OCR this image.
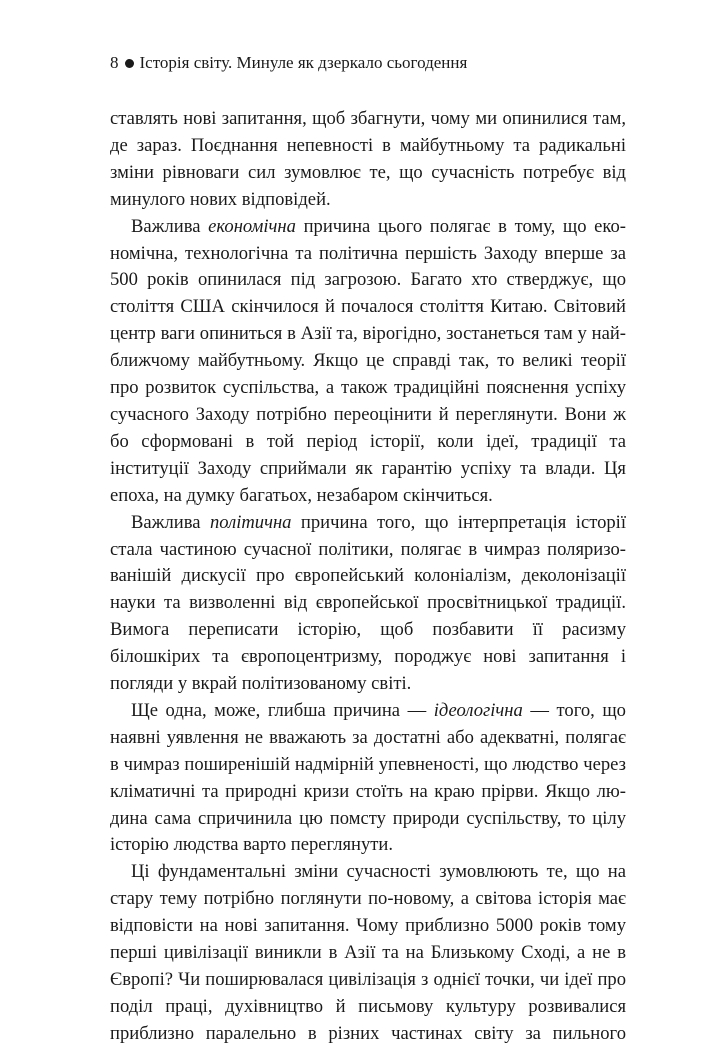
8 Історія світу. Минуле як дзеркало сьогодення

ставлять нові запитання, щоб збагнути, чому ми опинилися там, де зараз. Поєднання непевності в майбутньому та радикальні зміни рівноваги сил зумовлює те, що сучасність потребує від минулого нових відповідей.

Важлива економічна причина цього полягає в тому, що економічна, технологічна та політична першість Заходу вперше за 500 років опинилася під загрозою. Багато хто стверджує, що століття США скінчилося й почалося століття Китаю. Світовий центр ваги опиниться в Азії та, вірогідно, зостанеться там у найближчому майбутньому. Якщо це справді так, то великі теорії про розвиток суспільства, а також традиційні пояснення успіху сучасного Заходу потрібно переоцінити й переглянути. Вони ж бо сформовані в той період історії, коли ідеї, традиції та інституції Заходу сприймали як гарантію успіху та влади. Ця епоха, на думку багатьох, незабаром скінчиться.

Важлива політична причина того, що інтерпретація історії стала частиною сучасної політики, полягає в чимраз поляризованішій дискусії про європейський колоніалізм, деколонізації науки та визволенні від європейської просвітницької традиції. Вимога переписати історію, щоб позбавити її расизму білошкірих та європоцентризму, породжує нові запитання і погляди у вкрай політизованому світі.

Ще одна, може, глибша причина — ідеологічна — того, що наявні уявлення не вважають за достатні або адекватні, полягає в чимраз поширенішій надмірній упевненості, що людство через кліматичні та природні кризи стоїть на краю прірви. Якщо людина сама спричинила цю помсту природи суспільству, то цілу історію людства варто переглянути.

Ці фундаментальні зміни сучасності зумовлюють те, що на стару тему потрібно поглянути по-новому, а світова історія має відповісти на нові запитання. Чому приблизно 5000 років тому перші цивілізації виникли в Азії та на Близькому Сході, а не в Європі? Чи поширювалася цивілізація з однієї точки, чи ідеї про поділ праці, духівництво й письмову культуру розвивалися приблизно паралельно в різних частинах світу за пильного
